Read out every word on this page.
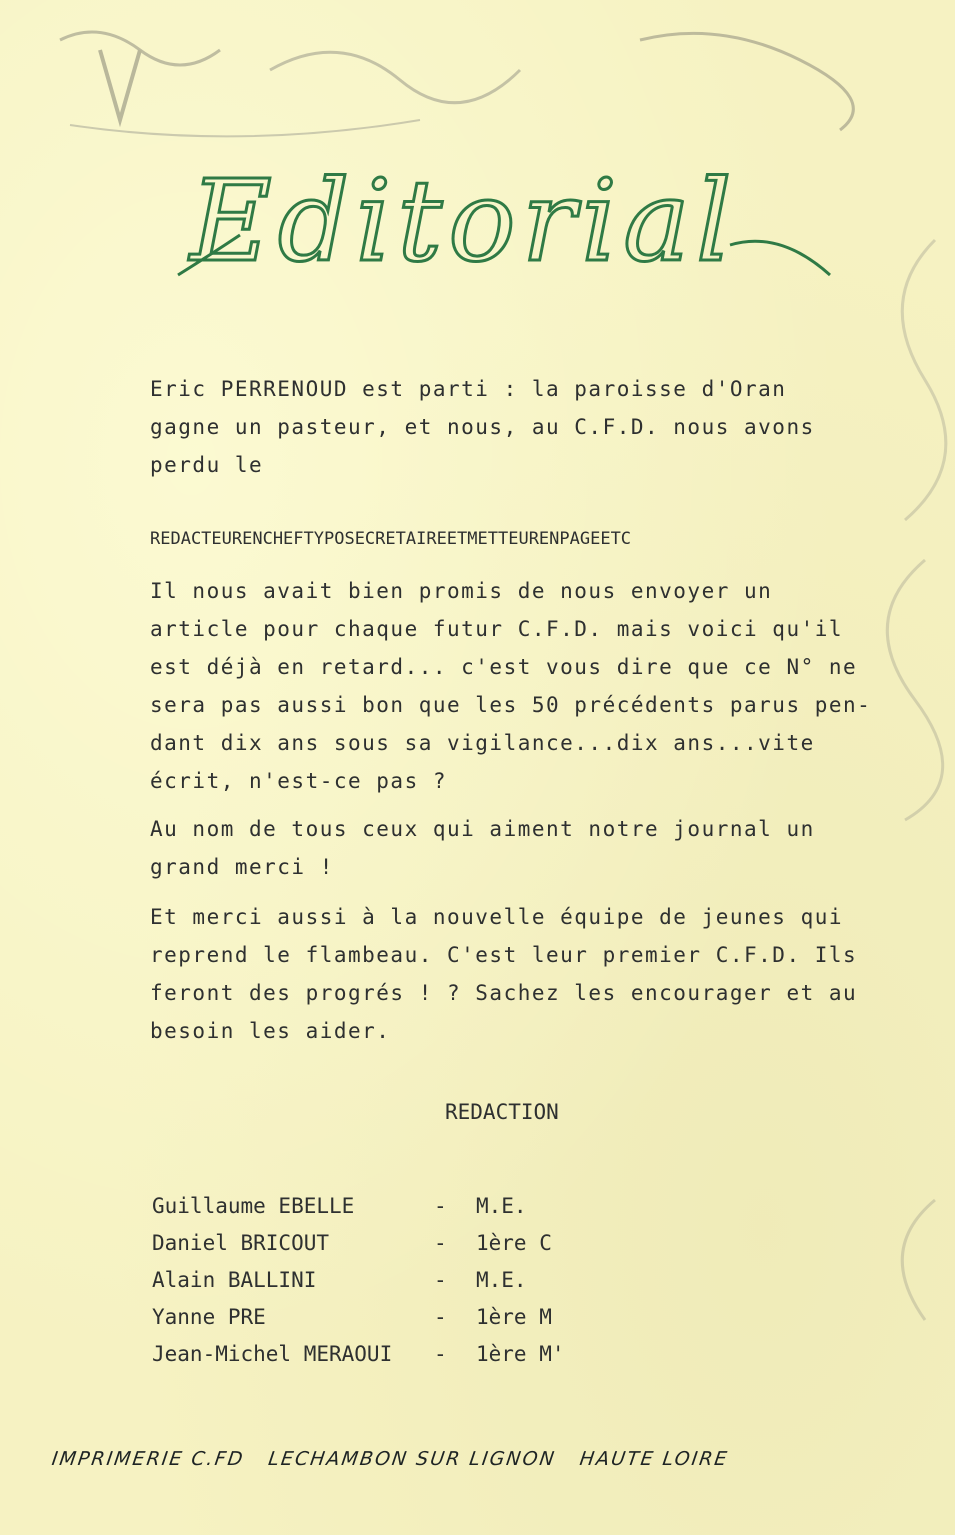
Editorial

Eric PERRENOUD est parti : la paroisse d'Oran
gagne un pasteur, et nous, au C.F.D. nous avons
perdu le

REDACTEURENCHEFTYPOSECRETAIREETMETTEURENPAGEETC

Il nous avait bien promis de nous envoyer un
article pour chaque futur C.F.D. mais voici qu'il
est déjà en retard... c'est vous dire que ce N° ne
sera pas aussi bon que les 50 précédents parus pen-
dant dix ans sous sa vigilance...dix ans...vite
écrit, n'est-ce pas ?

Au nom de tous ceux qui aiment notre journal un
grand merci !

Et merci aussi à la nouvelle équipe de jeunes qui
reprend le flambeau. C'est leur premier C.F.D. Ils
feront des progrés ! ? Sachez les encourager et au
besoin les aider.

REDACTION
Guillaume EBELLE	-	M.E.
Daniel BRICOUT	-	1ère C
Alain BALLINI	-	M.E.
Yanne PRE	-	1ère M
Jean-Michel MERAOUI	-	1ère M'
IMPRIMERIE C.FD   LECHAMBON SUR LIGNON   HAUTE LOIRE
